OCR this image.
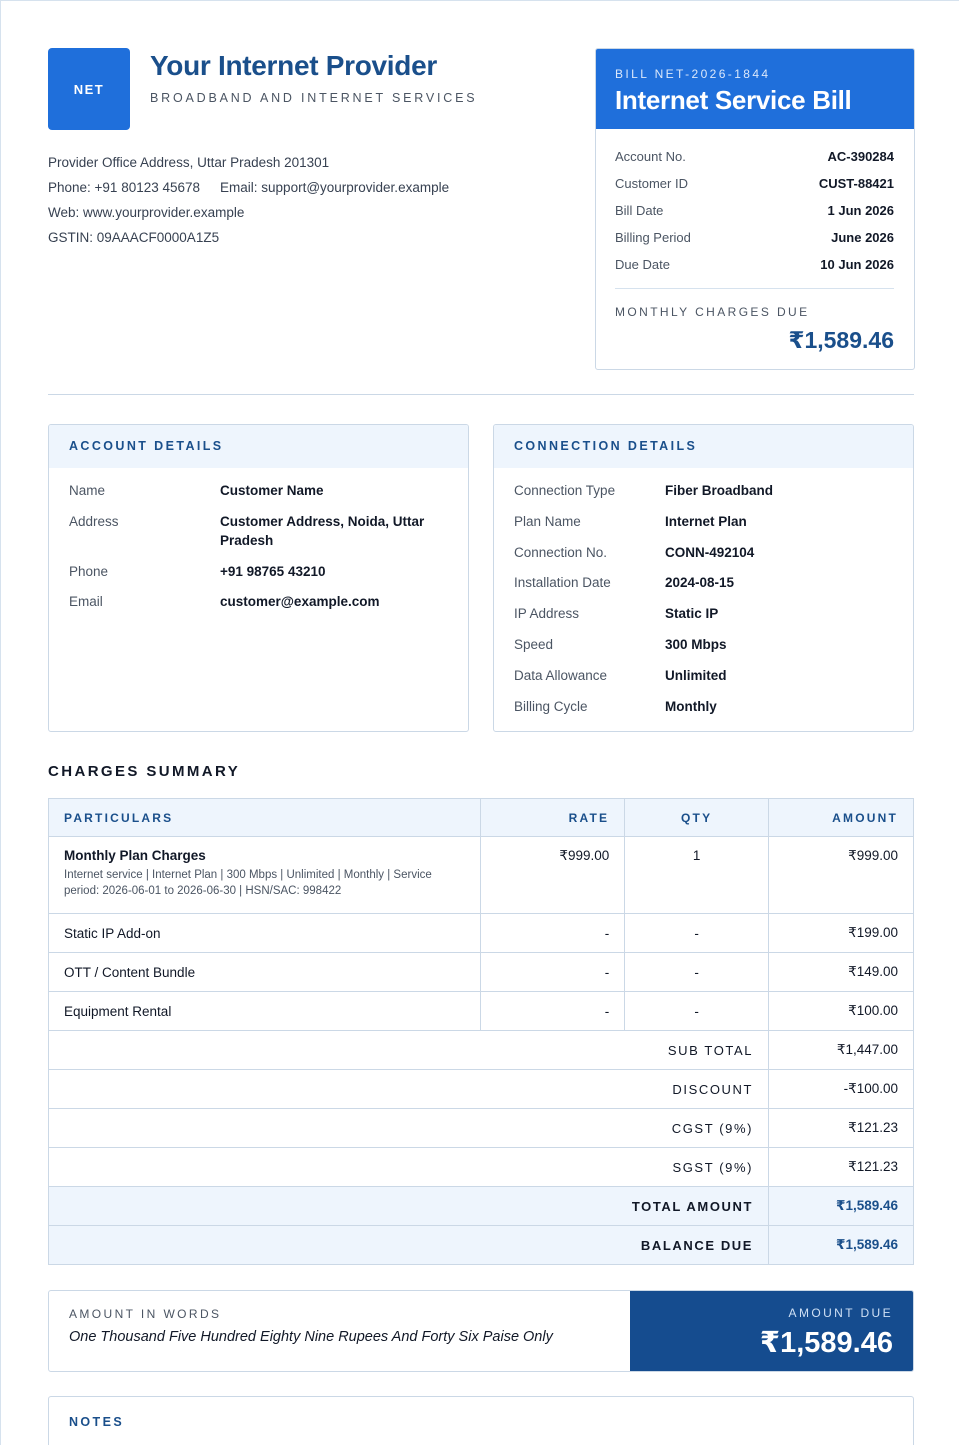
NET
Your Internet Provider
BROADBAND AND INTERNET SERVICES
Provider Office Address, Uttar Pradesh 201301
Phone: +91 80123 45678 Email: support@yourprovider.example
Web: www.yourprovider.example
GSTIN: 09AAACF0000A1Z5
BILL NET-2026-1844
Internet Service Bill
Account No.	AC-390284
Customer ID	CUST-88421
Bill Date	1 Jun 2026
Billing Period	June 2026
Due Date	10 Jun 2026
MONTHLY CHARGES DUE
₹1,589.46
ACCOUNT DETAILS
Name	Customer Name
Address	Customer Address, Noida, Uttar Pradesh
Phone	+91 98765 43210
Email	customer@example.com
CONNECTION DETAILS
Connection Type	Fiber Broadband
Plan Name	Internet Plan
Connection No.	CONN-492104
Installation Date	2024-08-15
IP Address	Static IP
Speed	300 Mbps
Data Allowance	Unlimited
Billing Cycle	Monthly
CHARGES SUMMARY
PARTICULARS	RATE	QTY	AMOUNT

Monthly Plan Charges
Internet service | Internet Plan | 300 Mbps | Unlimited | Monthly | Service period: 2026-06-01 to 2026-06-30 | HSN/SAC: 998422	₹999.00	1	₹999.00
Static IP Add-on	-	-	₹199.00
OTT / Content Bundle	-	-	₹149.00
Equipment Rental	-	-	₹100.00
SUB TOTAL			₹1,447.00
DISCOUNT			-₹100.00
CGST (9%)			₹121.23
SGST (9%)			₹121.23
TOTAL AMOUNT			₹1,589.46
BALANCE DUE			₹1,589.46
AMOUNT IN WORDS
One Thousand Five Hundred Eighty Nine Rupees And Forty Six Paise Only
AMOUNT DUE
₹1,589.46
NOTES
